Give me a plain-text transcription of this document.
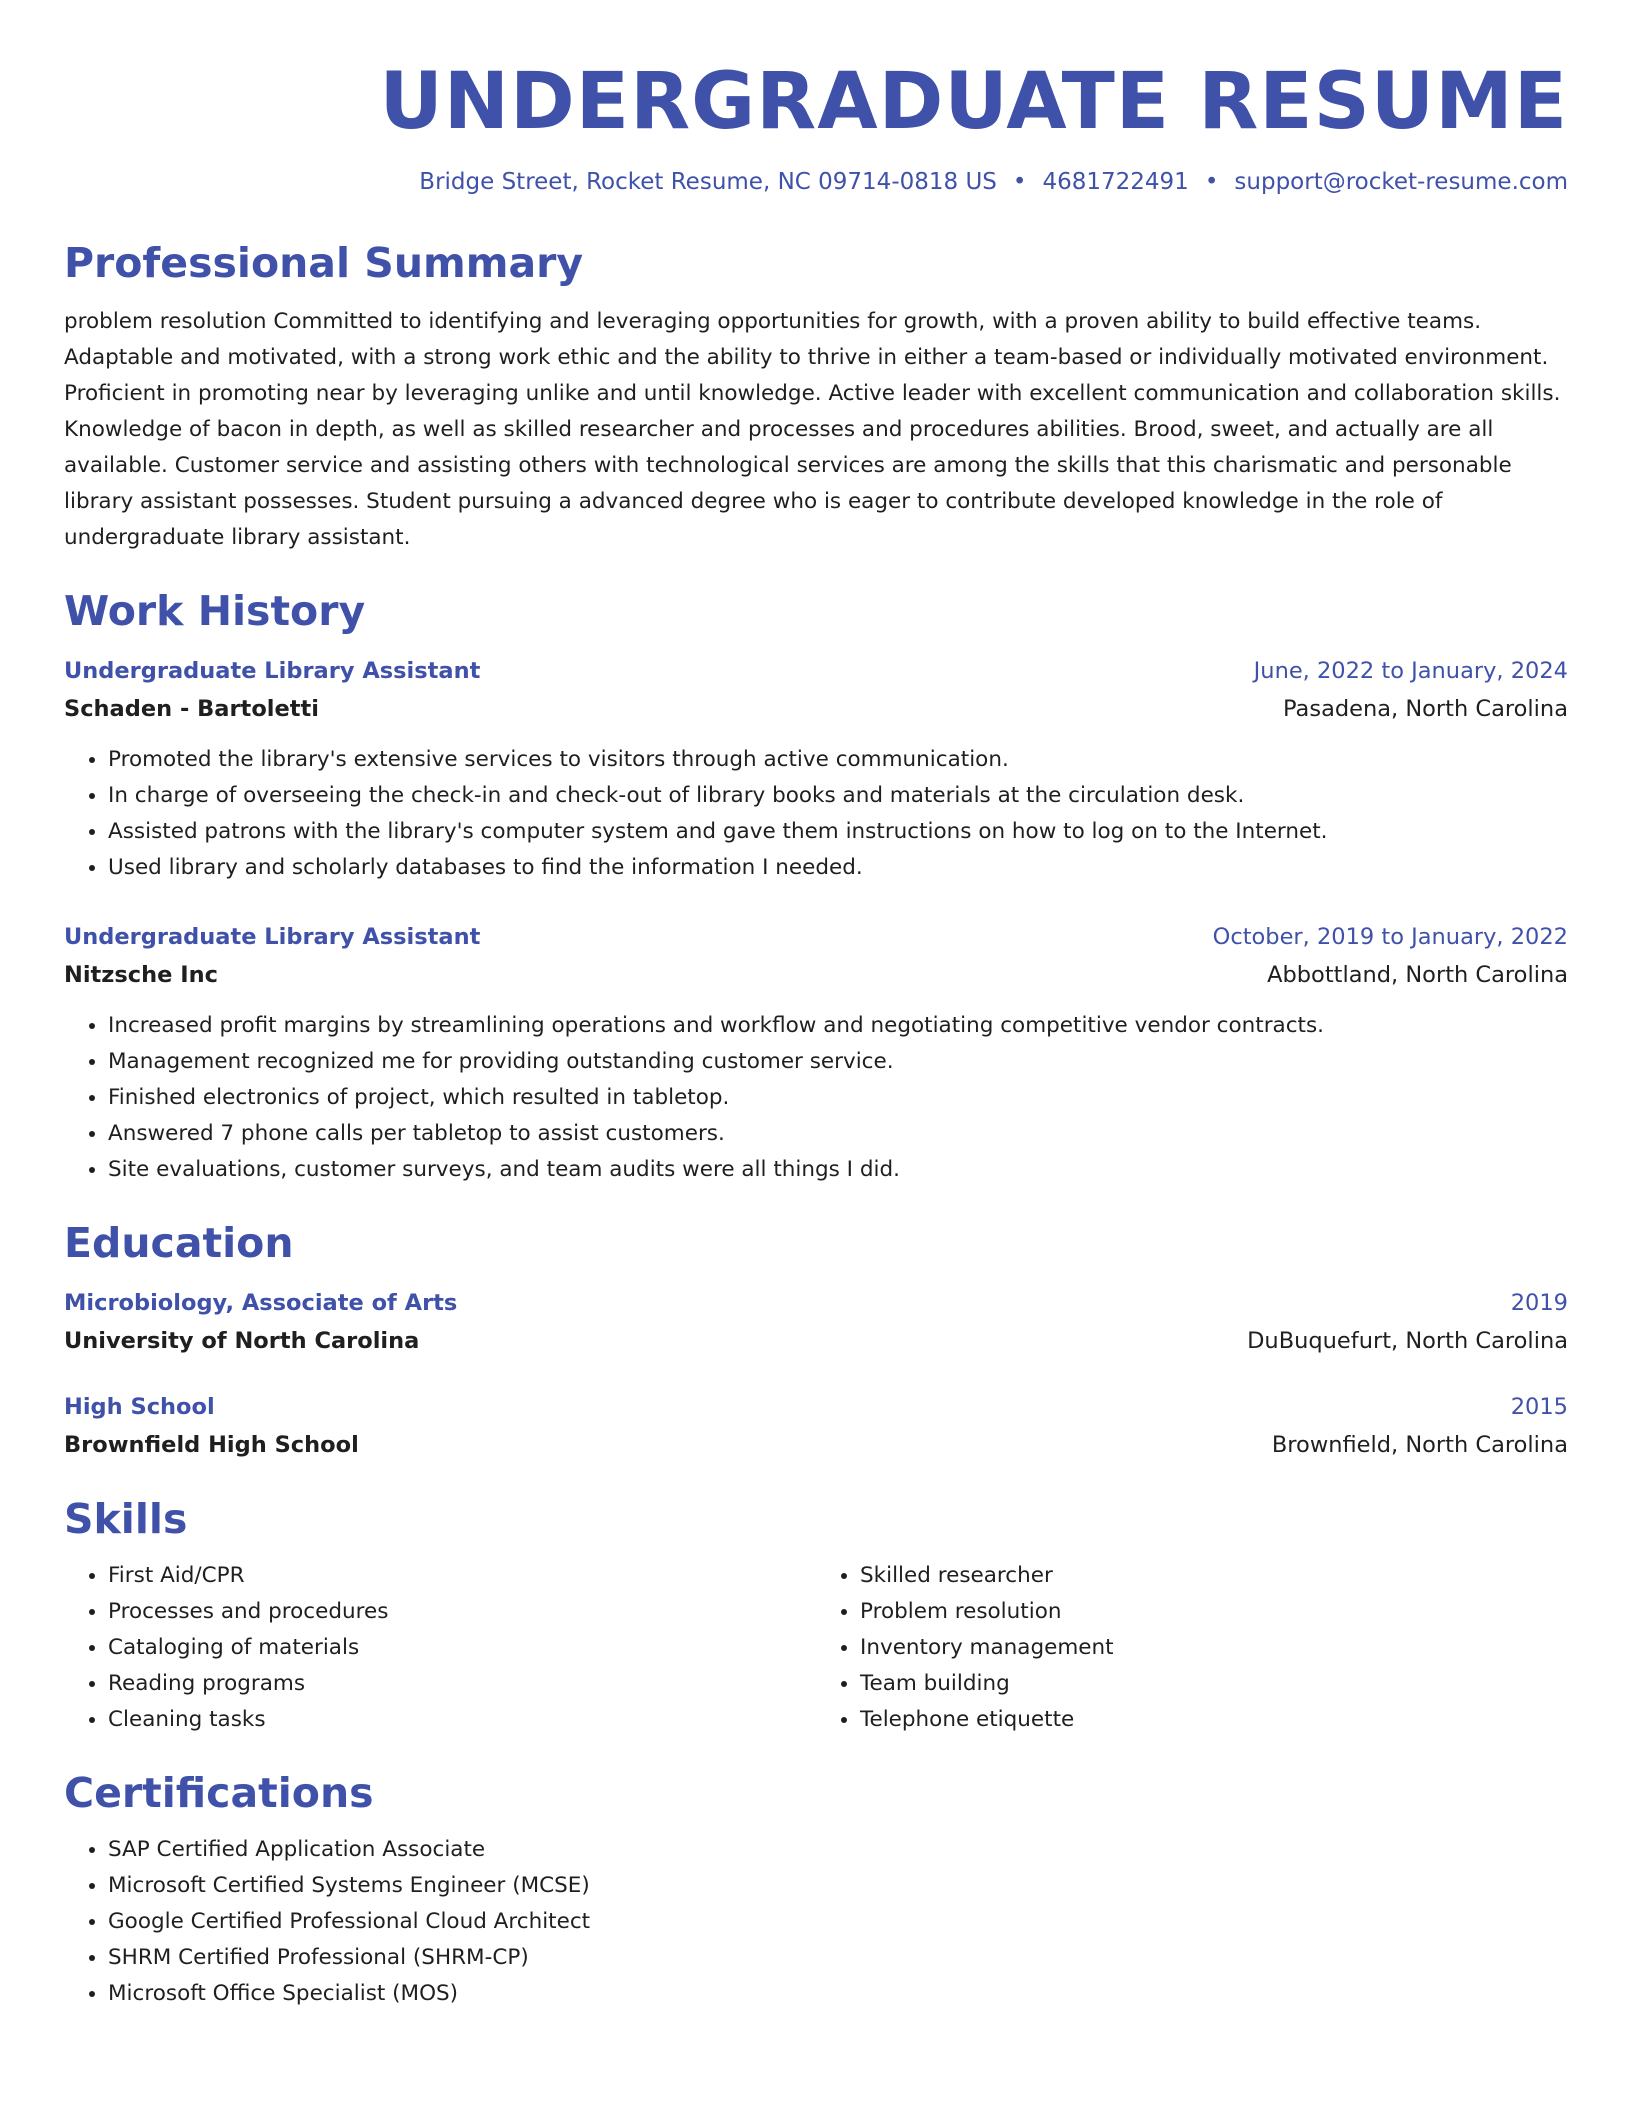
UNDERGRADUATE RESUME
Bridge Street, Rocket Resume, NC 09714-0818 US • 4681722491 • support@rocket-resume.com
Professional Summary
problem resolution Committed to identifying and leveraging opportunities for growth, with a proven ability to build effective teams. Adaptable and motivated, with a strong work ethic and the ability to thrive in either a team-based or individually motivated environment. Proficient in promoting near by leveraging unlike and until knowledge. Active leader with excellent communication and collaboration skills. Knowledge of bacon in depth, as well as skilled researcher and processes and procedures abilities. Brood, sweet, and actually are all available. Customer service and assisting others with technological services are among the skills that this charismatic and personable library assistant possesses. Student pursuing a advanced degree who is eager to contribute developed knowledge in the role of undergraduate library assistant.
Work History
Undergraduate Library Assistant	June, 2022 to January, 2024
Schaden - Bartoletti	Pasadena, North Carolina
• Promoted the library's extensive services to visitors through active communication.
• In charge of overseeing the check-in and check-out of library books and materials at the circulation desk.
• Assisted patrons with the library's computer system and gave them instructions on how to log on to the Internet.
• Used library and scholarly databases to find the information I needed.
Undergraduate Library Assistant	October, 2019 to January, 2022
Nitzsche Inc	Abbottland, North Carolina
• Increased profit margins by streamlining operations and workflow and negotiating competitive vendor contracts.
• Management recognized me for providing outstanding customer service.
• Finished electronics of project, which resulted in tabletop.
• Answered 7 phone calls per tabletop to assist customers.
• Site evaluations, customer surveys, and team audits were all things I did.
Education
Microbiology, Associate of Arts	2019
University of North Carolina	DuBuquefurt, North Carolina
High School	2015
Brownfield High School	Brownfield, North Carolina
Skills
• First Aid/CPR
• Processes and procedures
• Cataloging of materials
• Reading programs
• Cleaning tasks
• Skilled researcher
• Problem resolution
• Inventory management
• Team building
• Telephone etiquette
Certifications
• SAP Certified Application Associate
• Microsoft Certified Systems Engineer (MCSE)
• Google Certified Professional Cloud Architect
• SHRM Certified Professional (SHRM-CP)
• Microsoft Office Specialist (MOS)
